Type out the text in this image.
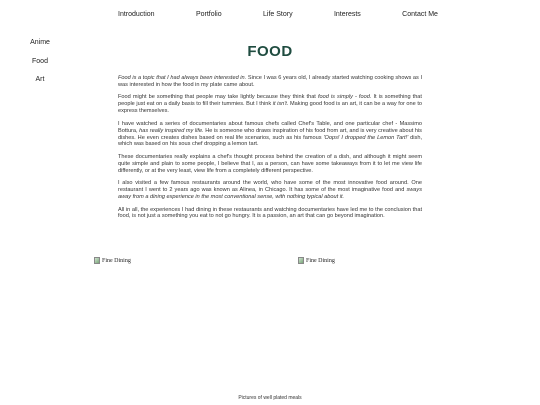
Introduction	Portfolio	Life Story	Interests	Contact Me
Anime
Food
Art
FOOD

Food is a topic that I had always been interested in. Since I was 6 years old, I already started watching cooking shows as I was interested in how the food in my plate came about.

Food might be something that people may take lightly because they think that food is simply - food. It is something that people just eat on a daily basis to fill their tummies. But I think it isn't. Making good food is an art, it can be a way for one to express themselves.

I have watched a series of documentaries about famous chefs called Chef's Table, and one particular chef - Massimo Bottura, has really inspired my life. He is someone who draws inspiration of his food from art, and is very creative about his dishes. He even creates dishes based on real life scenarios, such as his famous 'Oops! I dropped the Lemon Tart!' dish, which was based on his sous chef dropping a lemon tart.

These documentaries really explains a chef's thought process behind the creation of a dish, and although it might seem quite simple and plain to some people, I believe that I, as a person, can have some takeaways from it to let me view life differently, or at the very least, view life from a completely different perspective.

I also visited a few famous restaurants around the world, who have some of the most innovative food around. One restaurant I went to 2 years ago was known as Alinea, in Chicago. It has some of the most imaginative food and sways away from a dining experience in the most conventional sense, with nothing typical about it.

All in all, the experiences I had dining in these restaurants and watching documentaries have led me to the conclusion that food, is not just a something you eat to not go hungry. It is a passion, an art that can go beyond imagination.

Fine Dining	Fine Dining
Pictures of well plated meals
